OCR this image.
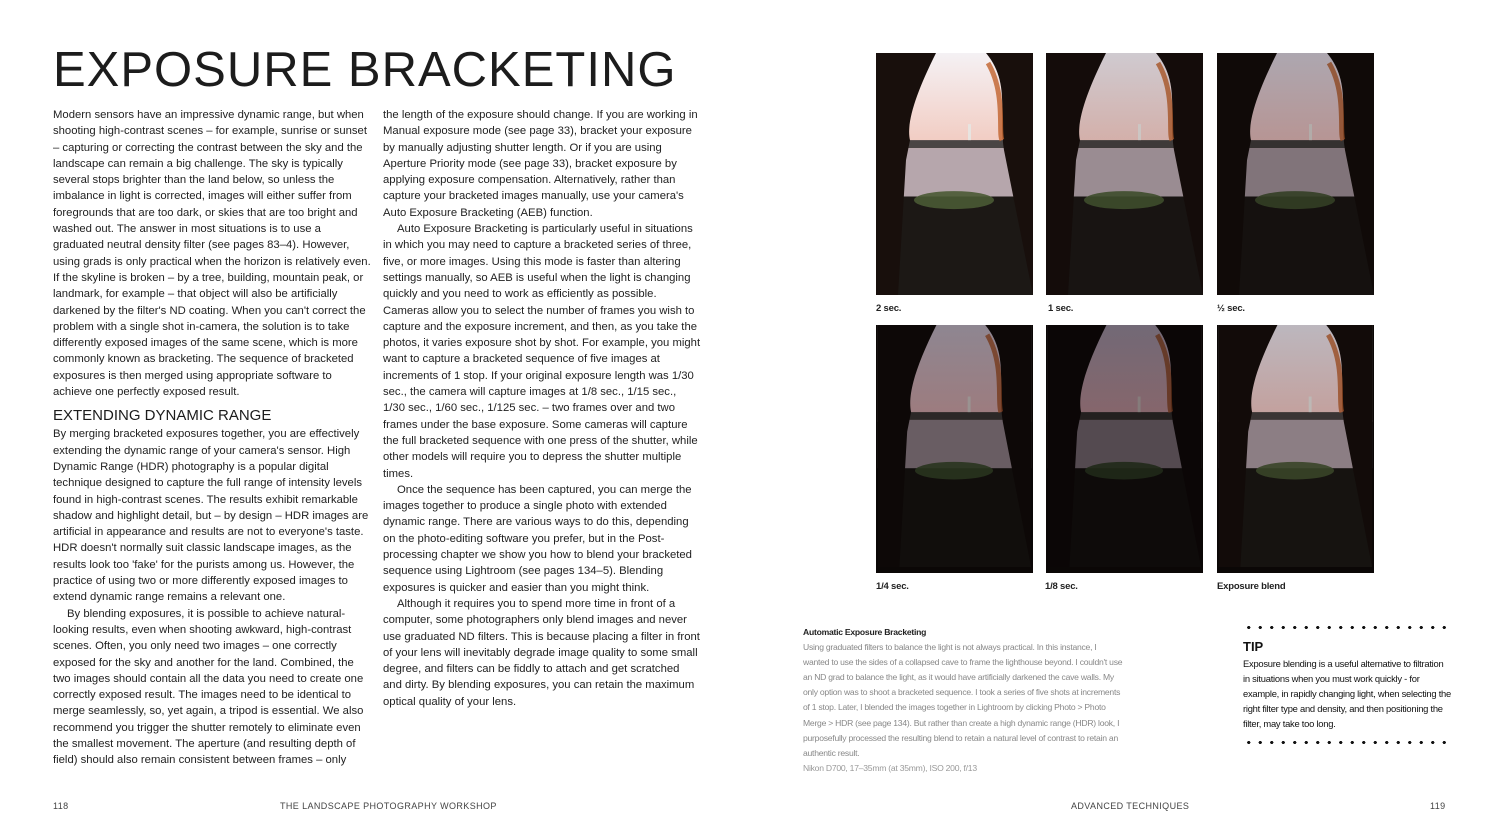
EXPOSURE BRACKETING

Modern sensors have an impressive dynamic range, but when shooting high-contrast scenes – for example, sunrise or sunset – capturing or correcting the contrast between the sky and the landscape can remain a big challenge. The sky is typically several stops brighter than the land below, so unless the imbalance in light is corrected, images will either suffer from foregrounds that are too dark, or skies that are too bright and washed out. The answer in most situations is to use a graduated neutral density filter (see pages 83–4). However, using grads is only practical when the horizon is relatively even. If the skyline is broken – by a tree, building, mountain peak, or landmark, for example – that object will also be artificially darkened by the filter's ND coating. When you can't correct the problem with a single shot in-camera, the solution is to take differently exposed images of the same scene, which is more commonly known as bracketing. The sequence of bracketed exposures is then merged using appropriate software to achieve one perfectly exposed result.

EXTENDING DYNAMIC RANGE

By merging bracketed exposures together, you are effectively extending the dynamic range of your camera's sensor. High Dynamic Range (HDR) photography is a popular digital technique designed to capture the full range of intensity levels found in high-contrast scenes. The results exhibit remarkable shadow and highlight detail, but – by design – HDR images are artificial in appearance and results are not to everyone's taste. HDR doesn't normally suit classic landscape images, as the results look too 'fake' for the purists among us. However, the practice of using two or more differently exposed images to extend dynamic range remains a relevant one.

By blending exposures, it is possible to achieve natural-looking results, even when shooting awkward, high-contrast scenes. Often, you only need two images – one correctly exposed for the sky and another for the land. Combined, the two images should contain all the data you need to create one correctly exposed result. The images need to be identical to merge seamlessly, so, yet again, a tripod is essential. We also recommend you trigger the shutter remotely to eliminate even the smallest movement. The aperture (and resulting depth of field) should also remain consistent between frames – only

the length of the exposure should change. If you are working in Manual exposure mode (see page 33), bracket your exposure by manually adjusting shutter length. Or if you are using Aperture Priority mode (see page 33), bracket exposure by applying exposure compensation. Alternatively, rather than capture your bracketed images manually, use your camera's Auto Exposure Bracketing (AEB) function.

Auto Exposure Bracketing is particularly useful in situations in which you may need to capture a bracketed series of three, five, or more images. Using this mode is faster than altering settings manually, so AEB is useful when the light is changing quickly and you need to work as efficiently as possible. Cameras allow you to select the number of frames you wish to capture and the exposure increment, and then, as you take the photos, it varies exposure shot by shot. For example, you might want to capture a bracketed sequence of five images at increments of 1 stop. If your original exposure length was 1/30 sec., the camera will capture images at 1/8 sec., 1/15 sec., 1/30 sec., 1/60 sec., 1/125 sec. – two frames over and two frames under the base exposure. Some cameras will capture the full bracketed sequence with one press of the shutter, while other models will require you to depress the shutter multiple times.

Once the sequence has been captured, you can merge the images together to produce a single photo with extended dynamic range. There are various ways to do this, depending on the photo-editing software you prefer, but in the Post-processing chapter we show you how to blend your bracketed sequence using Lightroom (see pages 134–5). Blending exposures is quicker and easier than you might think.

Although it requires you to spend more time in front of a computer, some photographers only blend images and never use graduated ND filters. This is because placing a filter in front of your lens will inevitably degrade image quality to some small degree, and filters can be fiddly to attach and get scratched and dirty. By blending exposures, you can retain the maximum optical quality of your lens.

118	THE LANDSCAPE PHOTOGRAPHY WORKSHOP
2 sec.	1 sec.	½ sec.
1/4 sec.	1/8 sec.	Exposure blend
Automatic Exposure Bracketing
Using graduated filters to balance the light is not always practical. In this instance, I wanted to use the sides of a collapsed cave to frame the lighthouse beyond. I couldn't use an ND grad to balance the light, as it would have artificially darkened the cave walls. My only option was to shoot a bracketed sequence. I took a series of five shots at increments of 1 stop. Later, I blended the images together in Lightroom by clicking Photo > Photo Merge > HDR (see page 134). But rather than create a high dynamic range (HDR) look, I purposefully processed the resulting blend to retain a natural level of contrast to retain an authentic result.
Nikon D700, 17–35mm (at 35mm), ISO 200, f/13
TIP
Exposure blending is a useful alternative to filtration in situations when you must work quickly - for example, in rapidly changing light, when selecting the right filter type and density, and then positioning the filter, may take too long.
ADVANCED TECHNIQUES	119
